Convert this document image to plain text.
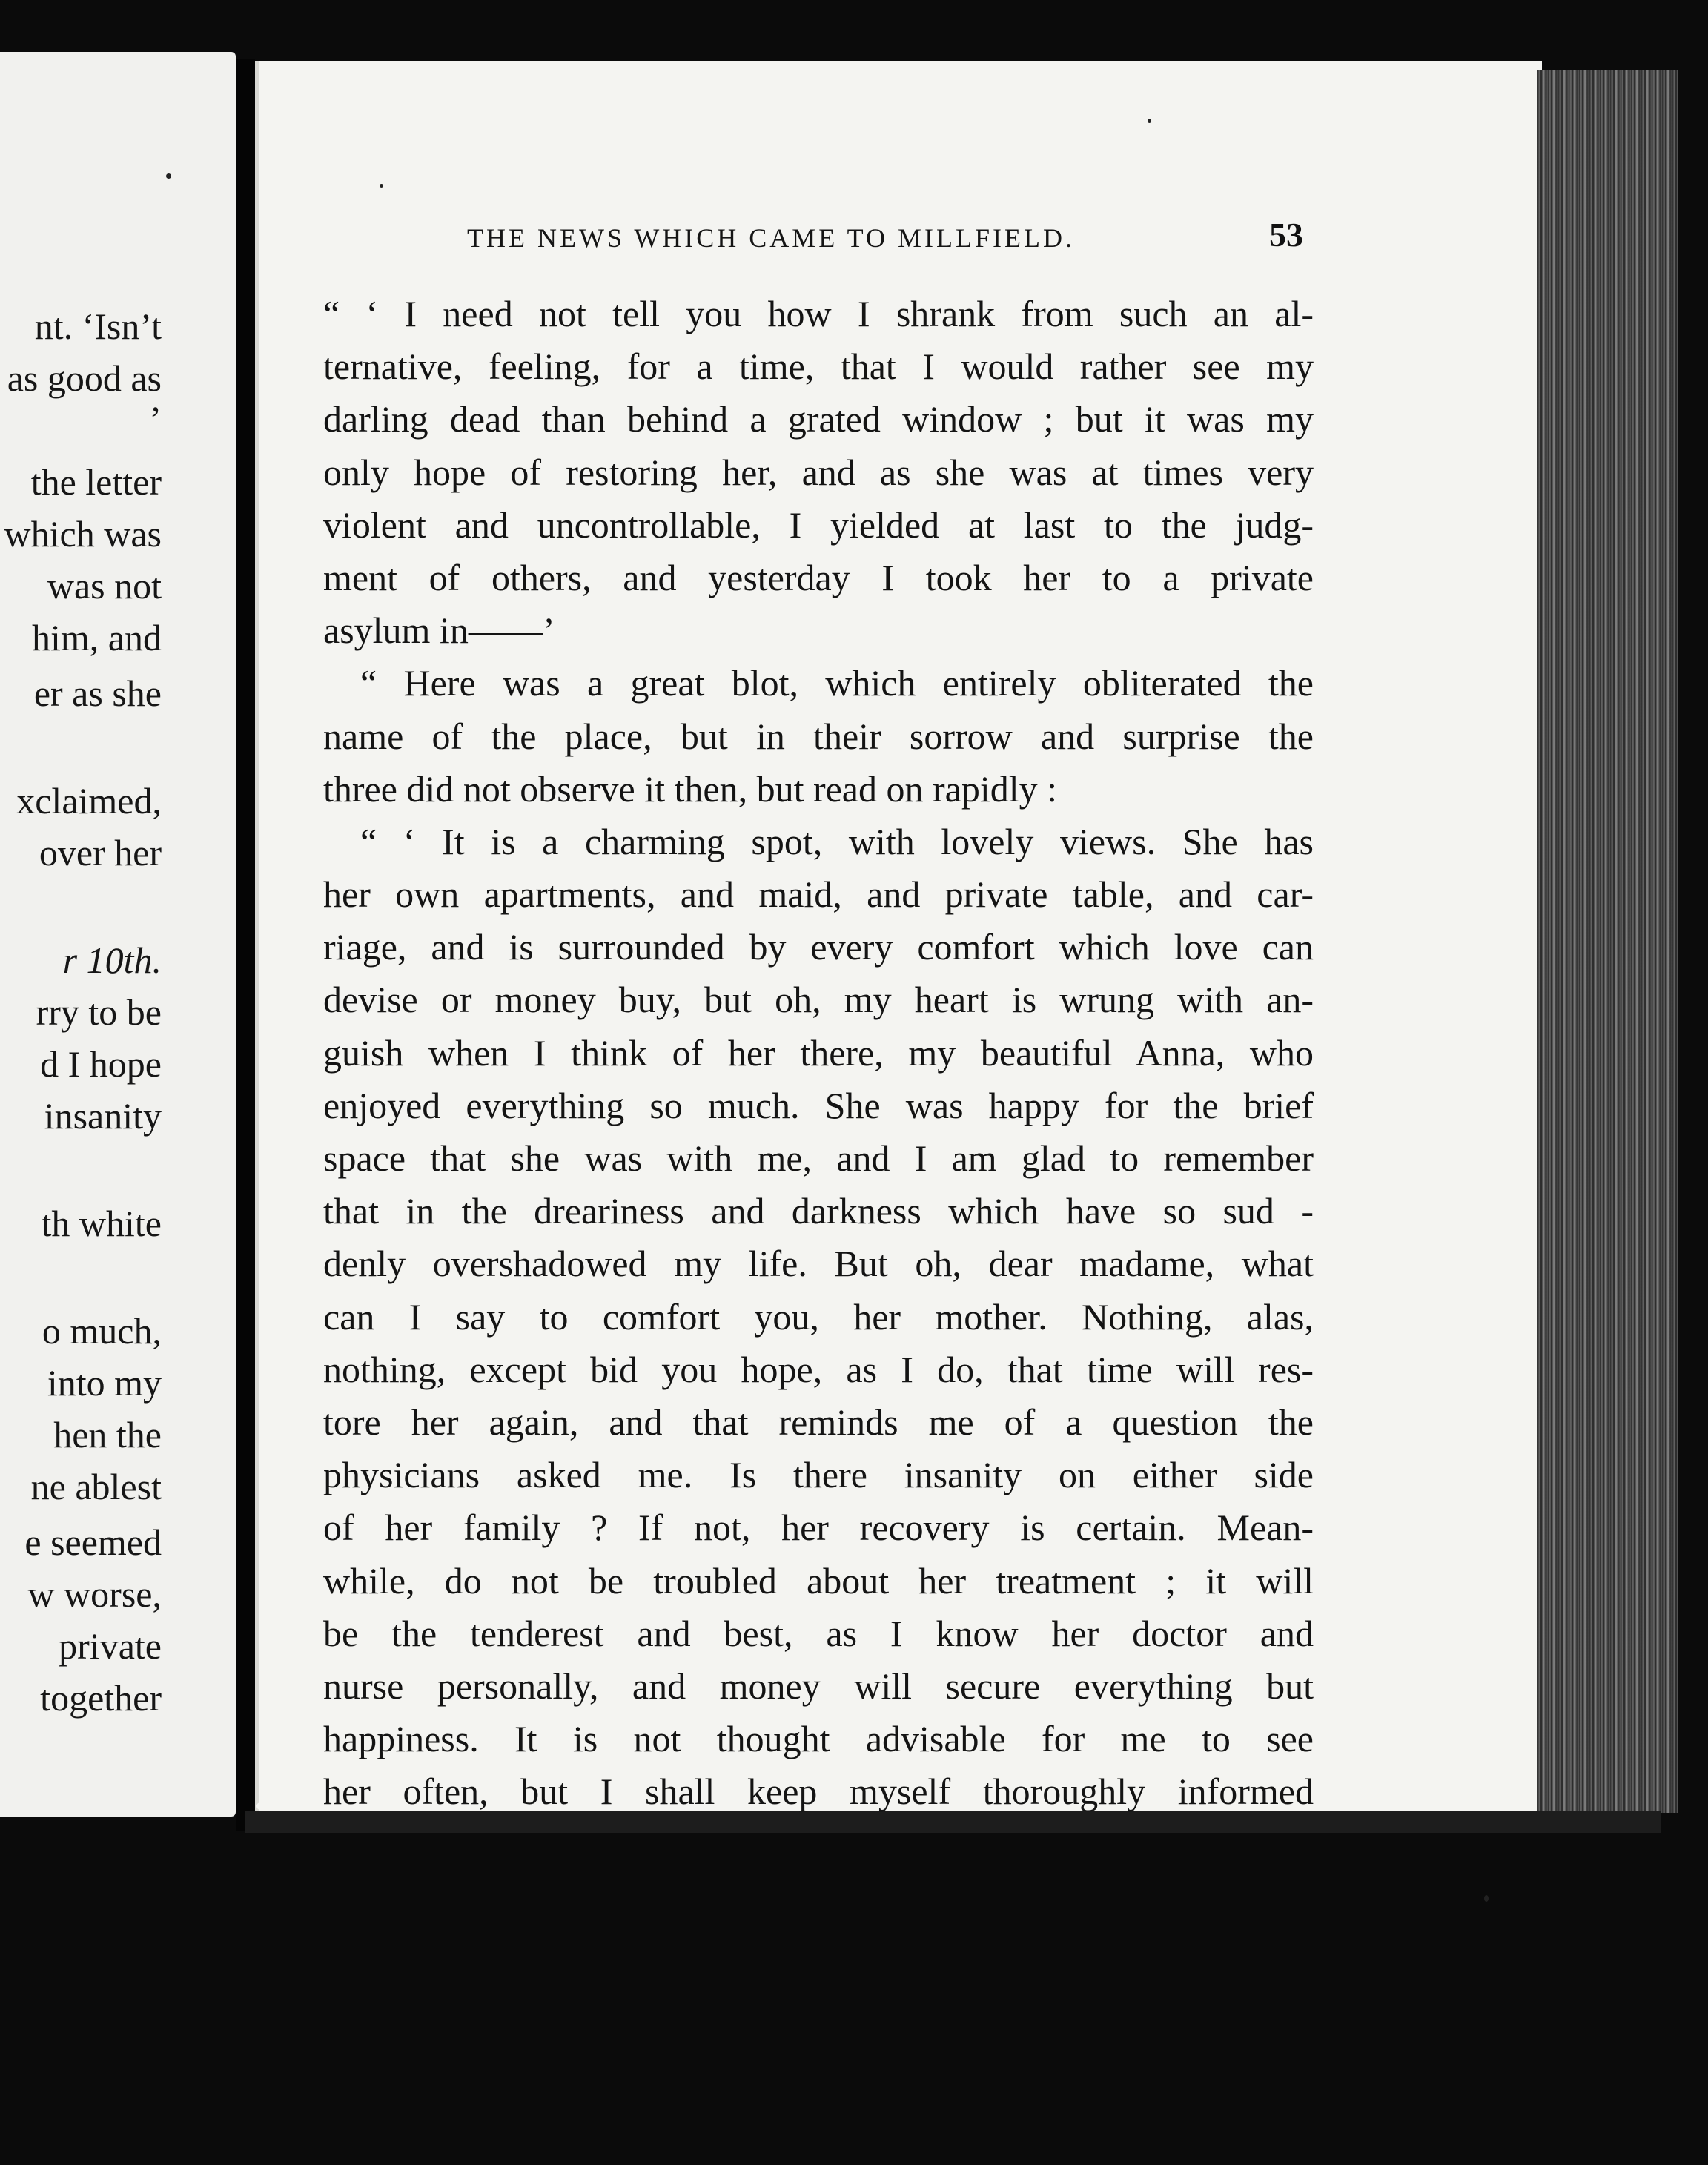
nt. ‘Isn’t
as good as
’
the letter
which was
was not
him, and
er as she
xclaimed,
over her
r 10th.
rry to be
d I hope
insanity
th white
o much,
into my
hen the
ne ablest
e seemed
w worse,
private
together
THE NEWS WHICH CAME TO MILLFIELD.	53
“ ‘ I need not tell you how I shrank from such an al-
ternative, feeling, for a time, that I would rather see my
darling dead than behind a grated window ; but it was my
only hope of restoring her, and as she was at times very
violent and uncontrollable, I yielded at last to the judg-
ment of others, and yesterday I took her to a private
asylum in——’
“ Here was a great blot, which entirely obliterated the
name of the place, but in their sorrow and surprise the
three did not observe it then, but read on rapidly :
“ ‘ It is a charming spot, with lovely views. She has
her own apartments, and maid, and private table, and car-
riage, and is surrounded by every comfort which love can
devise or money buy, but oh, my heart is wrung with an-
guish when I think of her there, my beautiful Anna, who
enjoyed everything so much. She was happy for the brief
space that she was with me, and I am glad to remember
that in the dreariness and darkness which have so sud -
denly overshadowed my life. But oh, dear madame, what
can I say to comfort you, her mother. Nothing, alas,
nothing, except bid you hope, as I do, that time will res-
tore her again, and that reminds me of a question the
physicians asked me. Is there insanity on either side
of her family ? If not, her recovery is certain. Mean-
while, do not be troubled about her treatment ; it will
be the tenderest and best, as I know her doctor and
nurse personally, and money will secure everything but
happiness. It is not thought advisable for me to see
her often, but I shall keep myself thoroughly informed
